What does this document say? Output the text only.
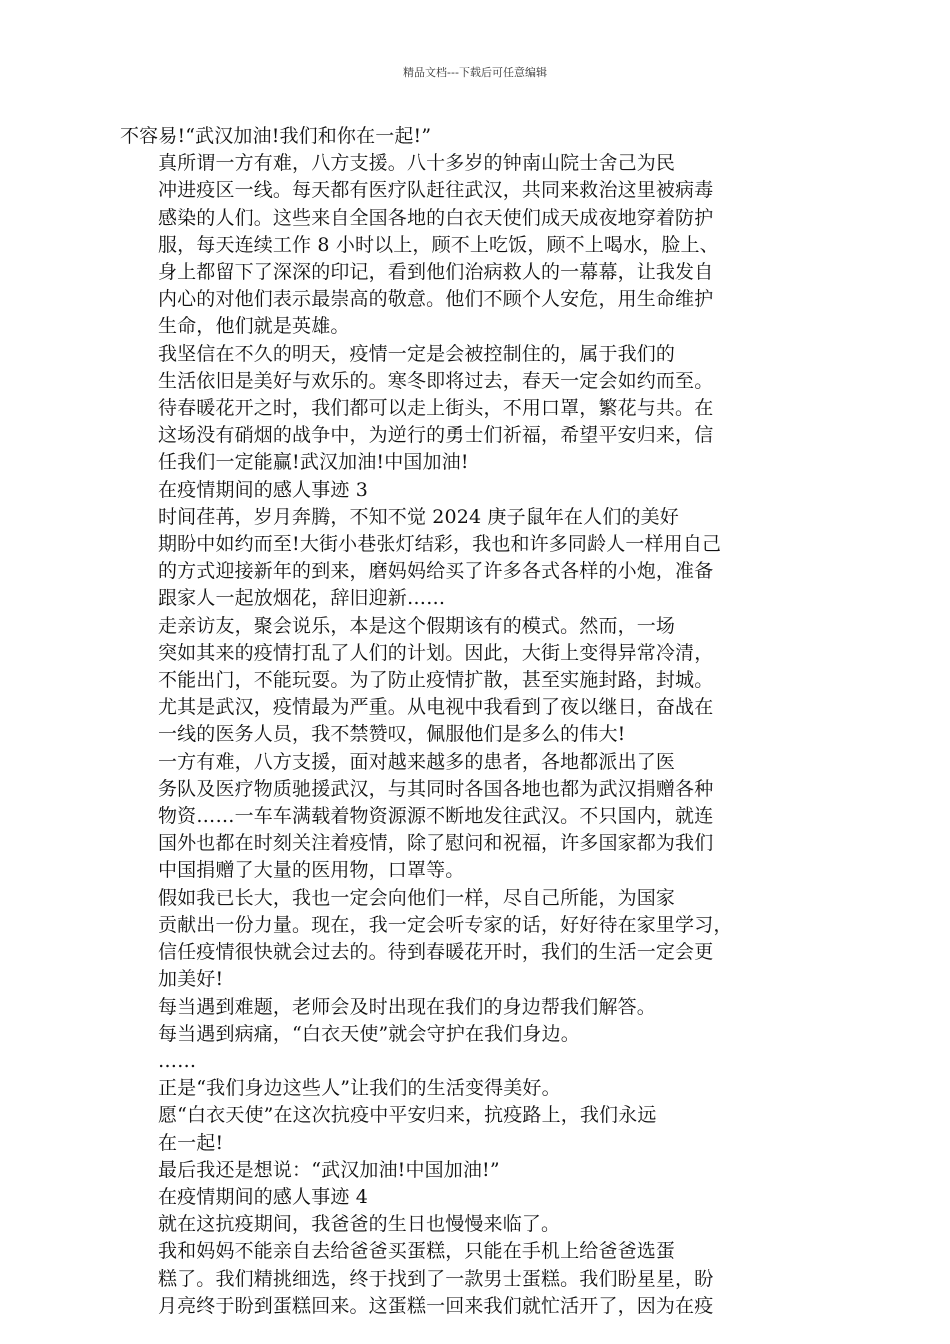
精品文档---下载后可任意编辑

不容易!“武汉加油!我们和你在一起!”

真所谓一方有难，八方支援。八十多岁的钟南山院士舍己为民
冲进疫区一线。每天都有医疗队赶往武汉，共同来救治这里被病毒
感染的人们。这些来自全国各地的白衣天使们成天成夜地穿着防护
服，每天连续工作 8 小时以上，顾不上吃饭，顾不上喝水，脸上、
身上都留下了深深的印记，看到他们治病救人的一幕幕，让我发自
内心的对他们表示最崇高的敬意。他们不顾个人安危，用生命维护
生命，他们就是英雄。

我坚信在不久的明天，疫情一定是会被控制住的，属于我们的
生活依旧是美好与欢乐的。寒冬即将过去，春天一定会如约而至。
待春暖花开之时，我们都可以走上街头，不用口罩，繁花与共。在
这场没有硝烟的战争中，为逆行的勇士们祈福，希望平安归来，信
任我们一定能赢!武汉加油!中国加油!

在疫情期间的感人事迹 3

时间荏苒，岁月奔腾，不知不觉 2024 庚子鼠年在人们的美好
期盼中如约而至!大街小巷张灯结彩，我也和许多同龄人一样用自己
的方式迎接新年的到来，磨妈妈给买了许多各式各样的小炮，准备
跟家人一起放烟花，辞旧迎新……

走亲访友，聚会说乐，本是这个假期该有的模式。然而，一场
突如其来的疫情打乱了人们的计划。因此，大街上变得异常冷清，
不能出门，不能玩耍。为了防止疫情扩散，甚至实施封路，封城。
尤其是武汉，疫情最为严重。从电视中我看到了夜以继日，奋战在
一线的医务人员，我不禁赞叹，佩服他们是多么的伟大!

一方有难，八方支援，面对越来越多的患者，各地都派出了医
务队及医疗物质驰援武汉，与其同时各国各地也都为武汉捐赠各种
物资……一车车满载着物资源源不断地发往武汉。不只国内，就连
国外也都在时刻关注着疫情，除了慰问和祝福，许多国家都为我们
中国捐赠了大量的医用物，口罩等。

假如我已长大，我也一定会向他们一样，尽自己所能，为国家
贡献出一份力量。现在，我一定会听专家的话，好好待在家里学习，
信任疫情很快就会过去的。待到春暖花开时，我们的生活一定会更
加美好!

每当遇到难题，老师会及时出现在我们的身边帮我们解答。

每当遇到病痛，“白衣天使”就会守护在我们身边。

……

正是“我们身边这些人”让我们的生活变得美好。

愿“白衣天使”在这次抗疫中平安归来，抗疫路上，我们永远
在一起!

最后我还是想说：“武汉加油!中国加油!”

在疫情期间的感人事迹 4

就在这抗疫期间，我爸爸的生日也慢慢来临了。

我和妈妈不能亲自去给爸爸买蛋糕，只能在手机上给爸爸选蛋
糕了。我们精挑细选，终于找到了一款男士蛋糕。我们盼星星，盼
月亮终于盼到蛋糕回来。这蛋糕一回来我们就忙活开了，因为在疫
